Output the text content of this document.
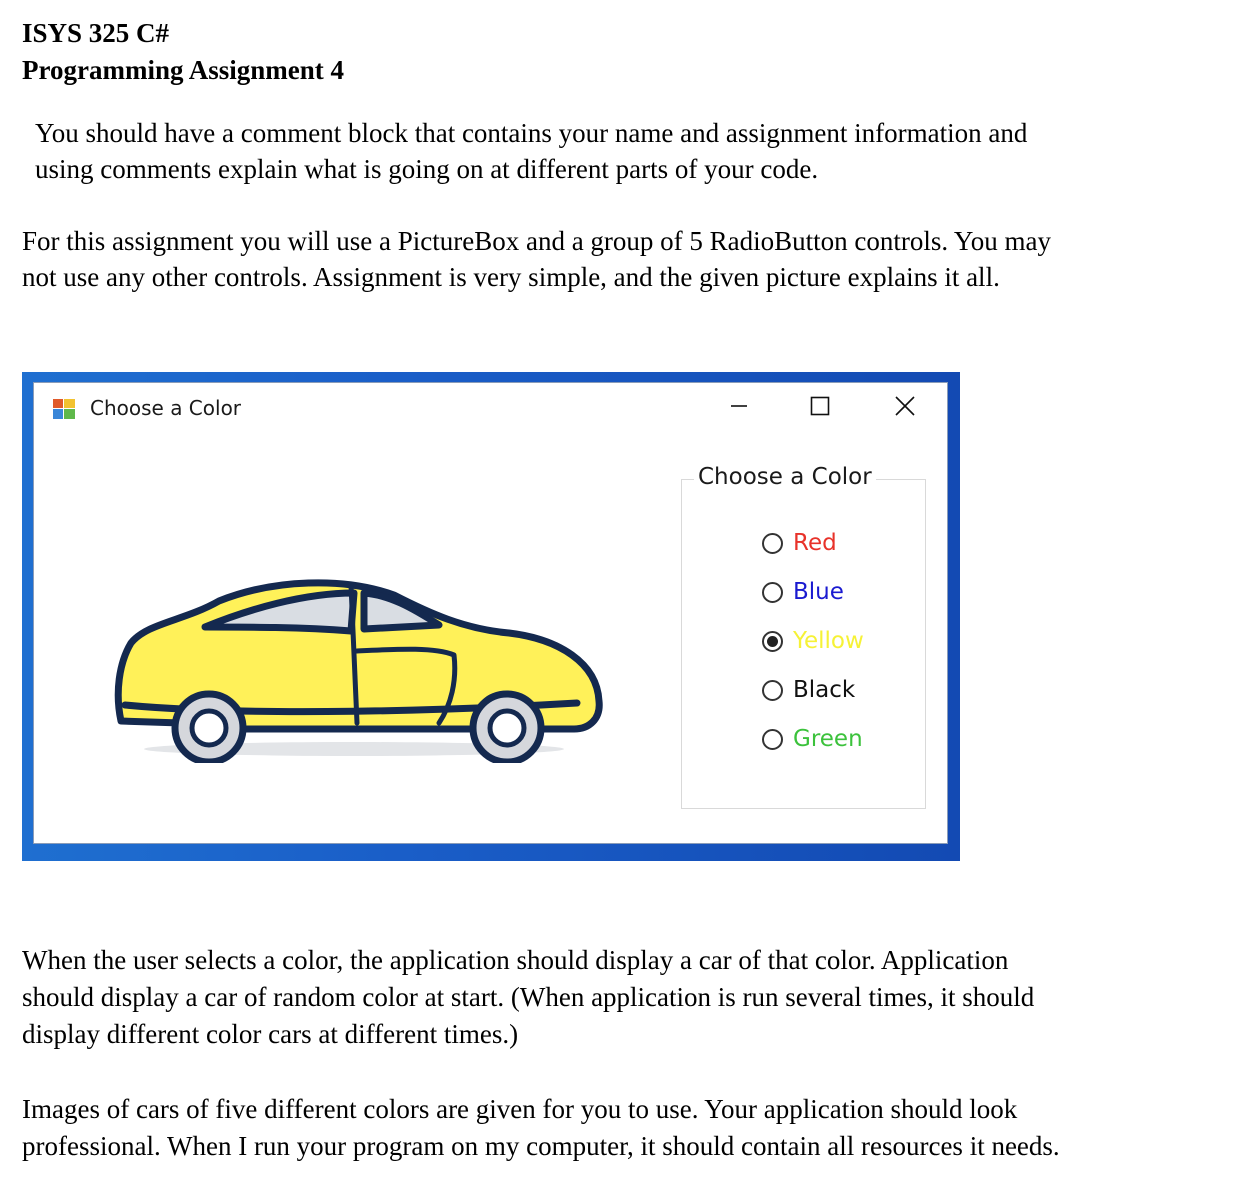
ISYS 325 C#
Programming Assignment 4

You should have a comment block that contains your name and assignment information and

using comments explain what is going on at different parts of your code.

For this assignment you will use a PictureBox and a group of 5 RadioButton controls. You may

not use any other controls. Assignment is very simple, and the given picture explains it all.

Choose a Color
Choose a Color
Red
Blue
Yellow
Black
Green

When the user selects a color, the application should display a car of that color. Application

should display a car of random color at start. (When application is run several times, it should

display different color cars at different times.)

Images of cars of five different colors are given for you to use. Your application should look

professional. When I run your program on my computer, it should contain all resources it needs.
